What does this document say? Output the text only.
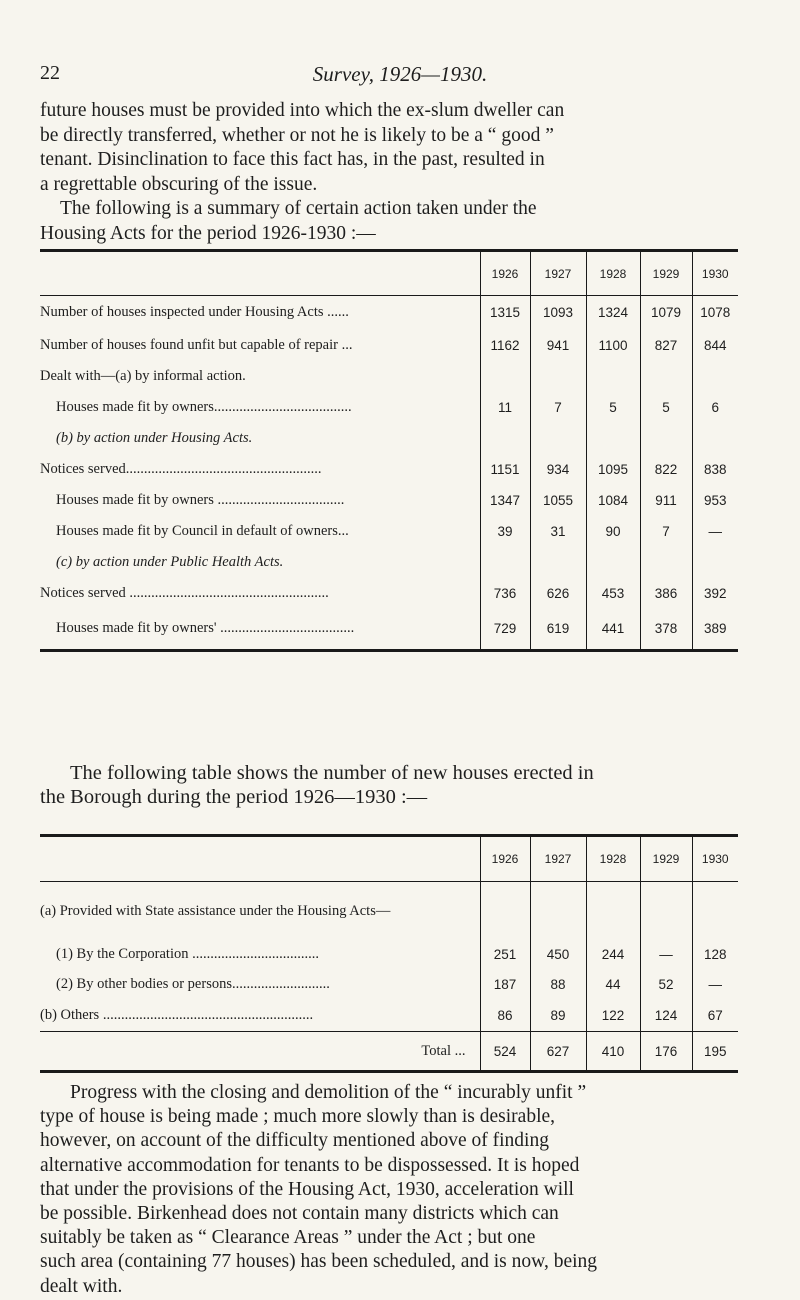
22	Survey, 1926—1930.

future houses must be provided into which the ex-slum dweller can

be directly transferred, whether or not he is likely to be a “ good ”

tenant. Disinclination to face this fact has, in the past, resulted in

a regrettable obscuring of the issue.

The following is a summary of certain action taken under the

Housing Acts for the period 1926-1930 :—

	1926	1927	1928	1929	1930
Number of houses inspected under Housing Acts ......	1315	1093	1324	1079	1078
Number of houses found unfit but capable of repair ...	1162	941	1100	827	844
Dealt with—(a) by informal action.					
Houses made fit by owners......................................	11	7	5	5	6
(b) by action under Housing Acts.					
Notices served......................................................	1151	934	1095	822	838
Houses made fit by owners ...................................	1347	1055	1084	911	953
Houses made fit by Council in default of owners...	39	31	90	7	—
(c) by action under Public Health Acts.					
Notices served .......................................................	736	626	453	386	392
Houses made fit by owners' .....................................	729	619	441	378	389

The following table shows the number of new houses erected in

the Borough during the period 1926—1930 :—

	1926	1927	1928	1929	1930
(a) Provided with State assistance under the Housing Acts—					
(1) By the Corporation ...................................	251	450	244	—	128
(2) By other bodies or persons...........................	187	88	44	52	—
(b) Others ..........................................................	86	89	122	124	67
Total ...	524	627	410	176	195

Progress with the closing and demolition of the “ incurably unfit ”

type of house is being made ; much more slowly than is desirable,

however, on account of the difficulty mentioned above of finding

alternative accommodation for tenants to be dispossessed. It is hoped

that under the provisions of the Housing Act, 1930, acceleration will

be possible. Birkenhead does not contain many districts which can

suitably be taken as “ Clearance Areas ” under the Act ; but one

such area (containing 77 houses) has been scheduled, and is now, being

dealt with.
